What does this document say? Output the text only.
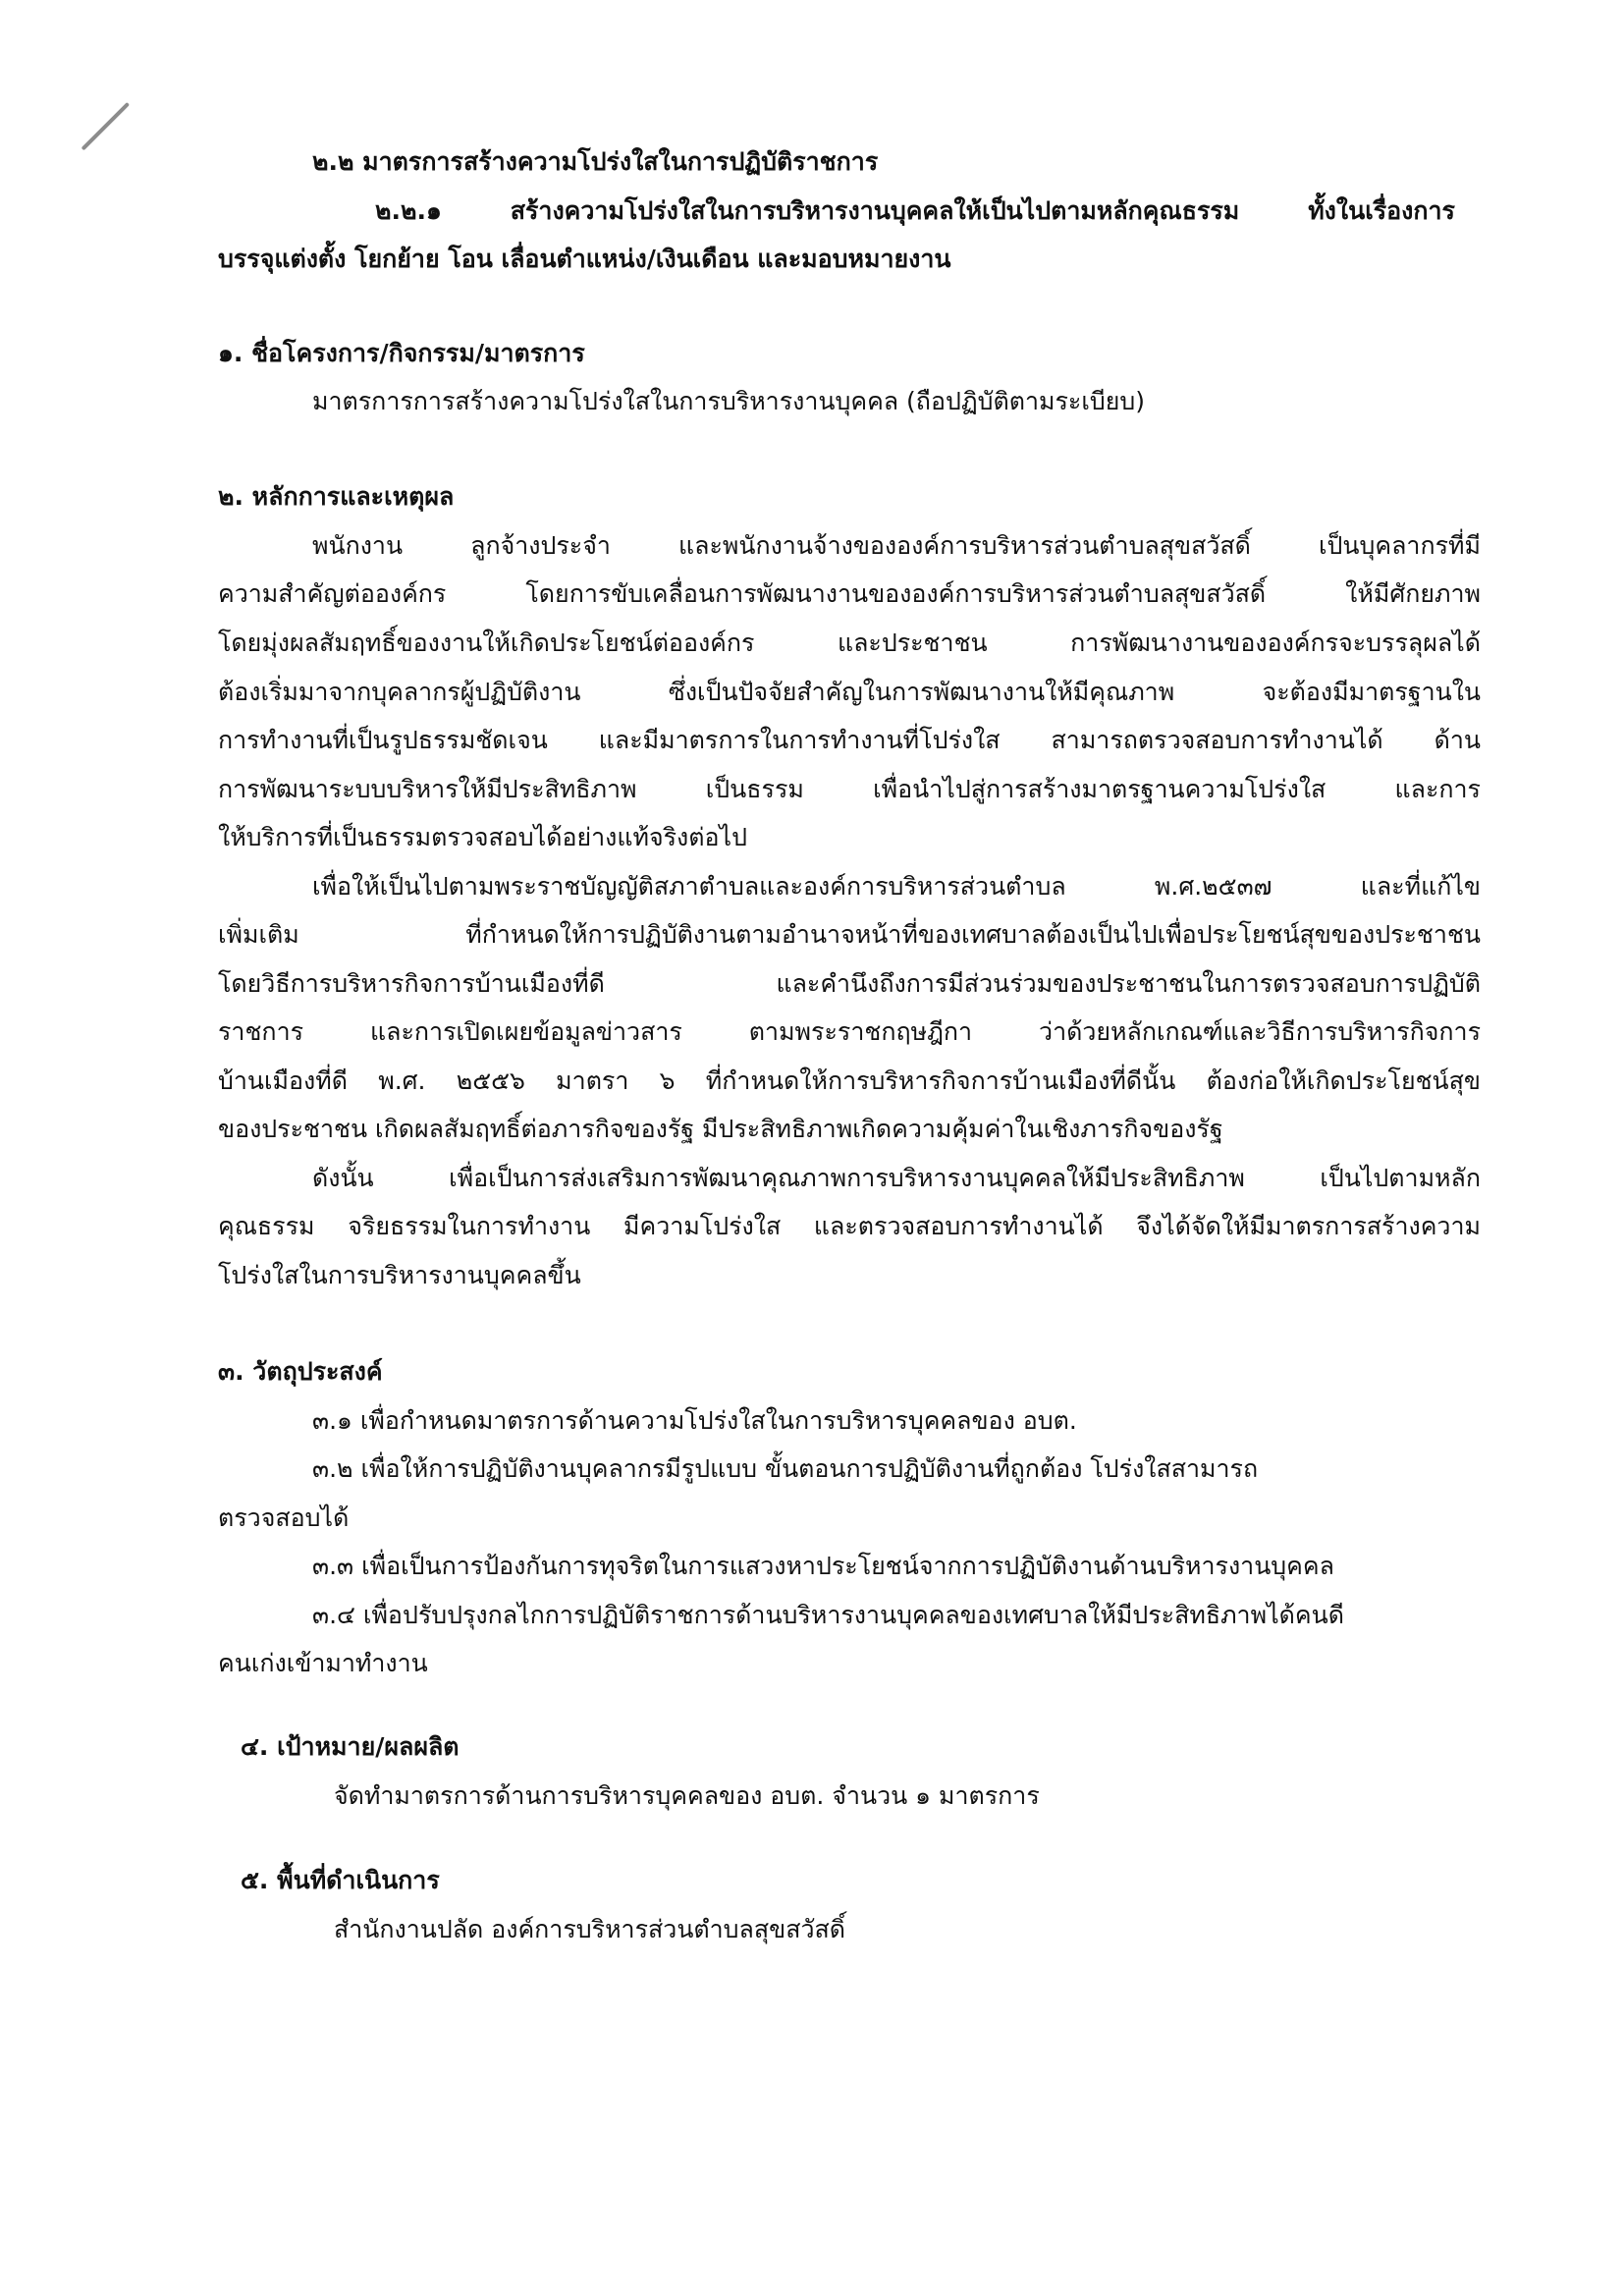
๒.๒ มาตรการสร้างความโปร่งใสในการปฏิบัติราชการ
๒.๒.๑ สร้างความโปร่งใสในการบริหารงานบุคคลให้เป็นไปตามหลักคุณธรรม ทั้งในเรื่องการ
บรรจุแต่งตั้ง โยกย้าย โอน เลื่อนตำแหน่ง/เงินเดือน และมอบหมายงาน
๑. ชื่อโครงการ/กิจกรรม/มาตรการ
มาตรการการสร้างความโปร่งใสในการบริหารงานบุคคล (ถือปฏิบัติตามระเบียบ)
๒. หลักการและเหตุผล
พนักงาน ลูกจ้างประจำ และพนักงานจ้างขององค์การบริหารส่วนตำบลสุขสวัสดิ์ เป็นบุคลากรที่มี
ความสำคัญต่อองค์กร โดยการขับเคลื่อนการพัฒนางานขององค์การบริหารส่วนตำบลสุขสวัสดิ์ ให้มีศักยภาพ
โดยมุ่งผลสัมฤทธิ์ของงานให้เกิดประโยชน์ต่อองค์กร และประชาชน การพัฒนางานขององค์กรจะบรรลุผลได้
ต้องเริ่มมาจากบุคลากรผู้ปฏิบัติงาน ซึ่งเป็นปัจจัยสำคัญในการพัฒนางานให้มีคุณภาพ จะต้องมีมาตรฐานใน
การทำงานที่เป็นรูปธรรมชัดเจน และมีมาตรการในการทำงานที่โปร่งใส สามารถตรวจสอบการทำงานได้ ด้าน
การพัฒนาระบบบริหารให้มีประสิทธิภาพ เป็นธรรม เพื่อนำไปสู่การสร้างมาตรฐานความโปร่งใส และการ
ให้บริการที่เป็นธรรมตรวจสอบได้อย่างแท้จริงต่อไป
เพื่อให้เป็นไปตามพระราชบัญญัติสภาตำบลและองค์การบริหารส่วนตำบล พ.ศ.๒๕๓๗ และที่แก้ไข
เพิ่มเติม ที่กำหนดให้การปฏิบัติงานตามอำนาจหน้าที่ของเทศบาลต้องเป็นไปเพื่อประโยชน์สุขของประชาชน
โดยวิธีการบริหารกิจการบ้านเมืองที่ดี และคำนึงถึงการมีส่วนร่วมของประชาชนในการตรวจสอบการปฏิบัติ
ราชการ และการเปิดเผยข้อมูลข่าวสาร ตามพระราชกฤษฎีกา ว่าด้วยหลักเกณฑ์และวิธีการบริหารกิจการ
บ้านเมืองที่ดี พ.ศ. ๒๕๕๖ มาตรา ๖ ที่กำหนดให้การบริหารกิจการบ้านเมืองที่ดีนั้น ต้องก่อให้เกิดประโยชน์สุข
ของประชาชน เกิดผลสัมฤทธิ์ต่อภารกิจของรัฐ มีประสิทธิภาพเกิดความคุ้มค่าในเชิงภารกิจของรัฐ
ดังนั้น เพื่อเป็นการส่งเสริมการพัฒนาคุณภาพการบริหารงานบุคคลให้มีประสิทธิภาพ เป็นไปตามหลัก
คุณธรรม จริยธรรมในการทำงาน มีความโปร่งใส และตรวจสอบการทำงานได้ จึงได้จัดให้มีมาตรการสร้างความ
โปร่งใสในการบริหารงานบุคคลขึ้น
๓. วัตถุประสงค์
๓.๑ เพื่อกำหนดมาตรการด้านความโปร่งใสในการบริหารบุคคลของ อบต.
๓.๒ เพื่อให้การปฏิบัติงานบุคลากรมีรูปแบบ ขั้นตอนการปฏิบัติงานที่ถูกต้อง โปร่งใสสามารถ
ตรวจสอบได้
๓.๓ เพื่อเป็นการป้องกันการทุจริตในการแสวงหาประโยชน์จากการปฏิบัติงานด้านบริหารงานบุคคล
๓.๔ เพื่อปรับปรุงกลไกการปฏิบัติราชการด้านบริหารงานบุคคลของเทศบาลให้มีประสิทธิภาพได้คนดี
คนเก่งเข้ามาทำงาน
๔. เป้าหมาย/ผลผลิต
จัดทำมาตรการด้านการบริหารบุคคลของ อบต. จำนวน ๑ มาตรการ
๕. พื้นที่ดำเนินการ
สำนักงานปลัด องค์การบริหารส่วนตำบลสุขสวัสดิ์
